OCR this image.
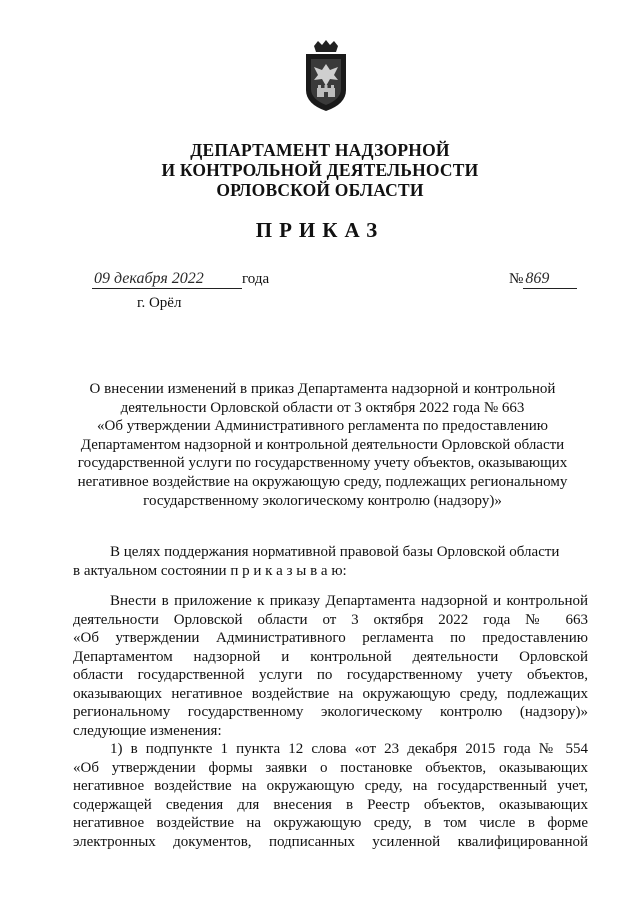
ДЕПАРТАМЕНТ НАДЗОРНОЙ
И КОНТРОЛЬНОЙ ДЕЯТЕЛЬНОСТИ
ОРЛОВСКОЙ ОБЛАСТИ
ПРИКАЗ
09 декабря 2022	года	№ 869
г. Орёл
О внесении изменений в приказ Департамента надзорной и контрольной
деятельности Орловской области от 3 октября 2022 года № 663
«Об утверждении Административного регламента по предоставлению
Департаментом надзорной и контрольной деятельности Орловской области
государственной услуги по государственному учету объектов, оказывающих
негативное воздействие на окружающую среду, подлежащих региональному
государственному экологическому контролю (надзору)»
В целях поддержания нормативной правовой базы Орловской области
в актуальном состоянии п р и к а з ы в а ю:
Внести в приложение к приказу Департамента надзорной и контрольной
деятельности Орловской области от 3 октября 2022 года № 663
«Об утверждении Административного регламента по предоставлению
Департаментом надзорной и контрольной деятельности Орловской
области государственной услуги по государственному учету объектов,
оказывающих негативное воздействие на окружающую среду, подлежащих
региональному государственному экологическому контролю (надзору)»
следующие изменения:
1) в подпункте 1 пункта 12 слова «от 23 декабря 2015 года № 554
«Об утверждении формы заявки о постановке объектов, оказывающих
негативное воздействие на окружающую среду, на государственный учет,
содержащей сведения для внесения в Реестр объектов, оказывающих
негативное воздействие на окружающую среду, в том числе в форме
электронных документов, подписанных усиленной квалифицированной
